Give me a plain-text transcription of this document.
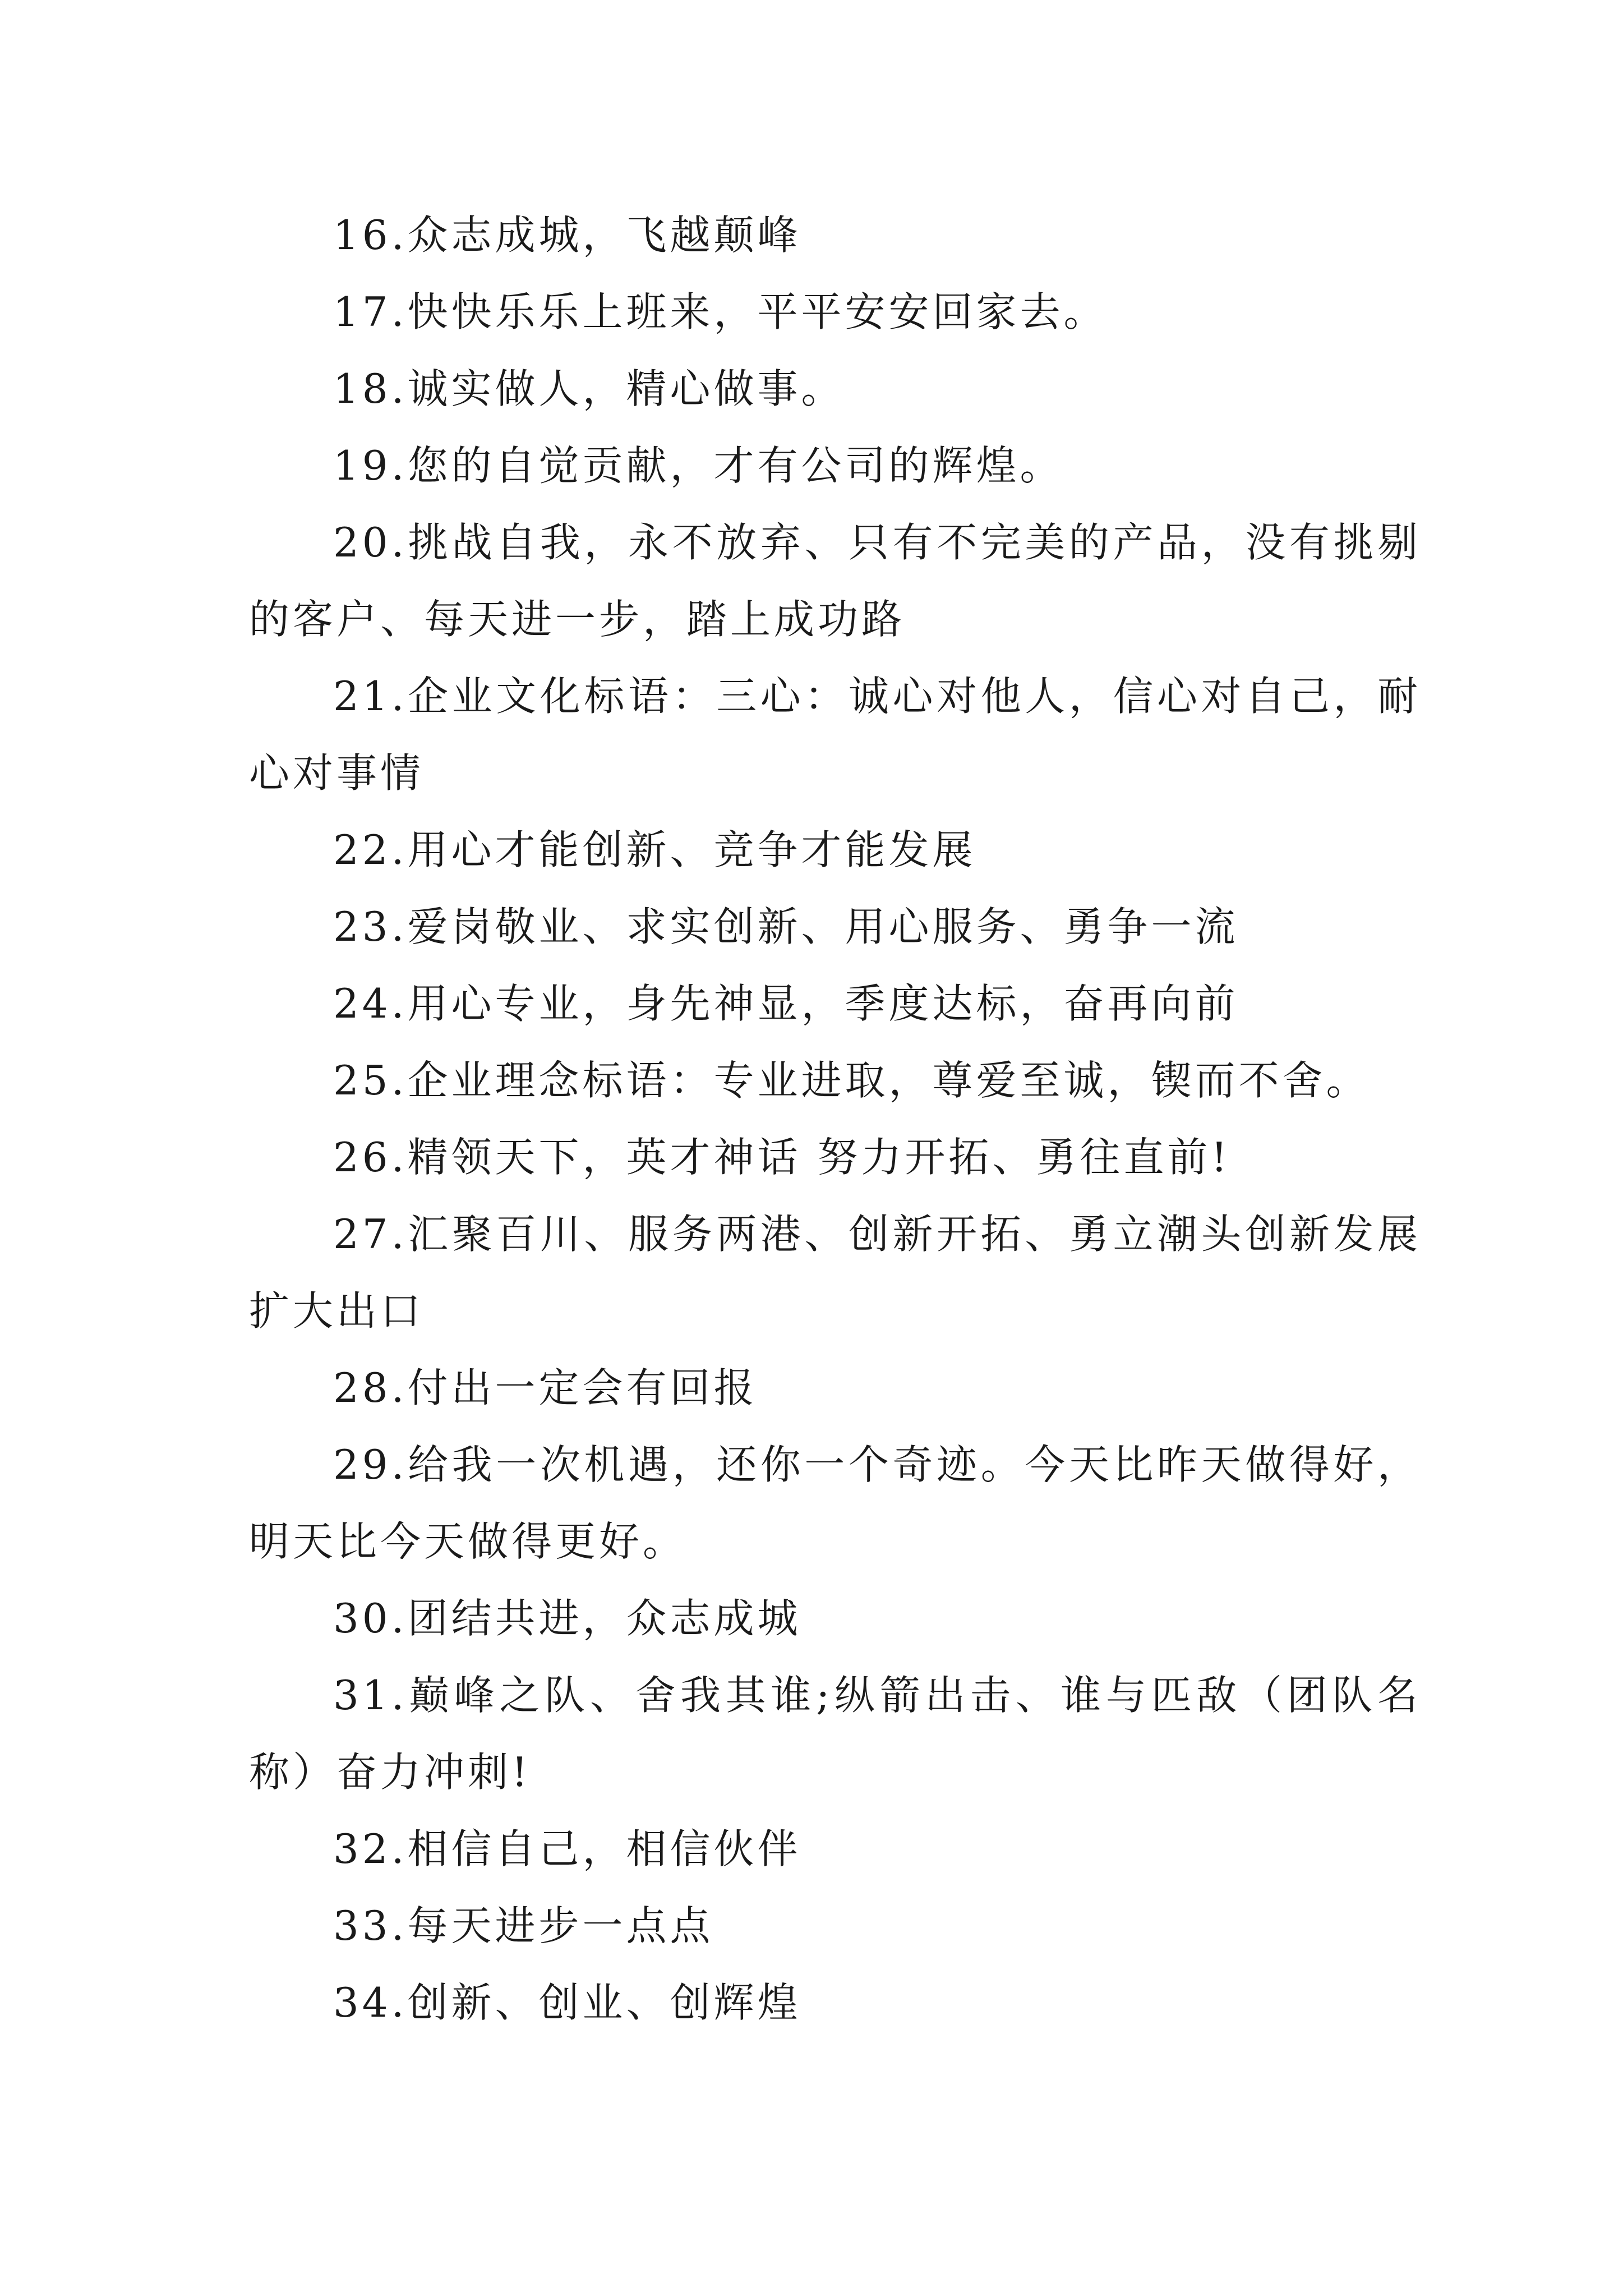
16.众志成城，飞越颠峰

17.快快乐乐上班来，平平安安回家去。

18.诚实做人，精心做事。

19.您的自觉贡献，才有公司的辉煌。

20.挑战自我，永不放弃、只有不完美的产品，没有挑剔的客户、每天进一步，踏上成功路

21.企业文化标语：三心：诚心对他人，信心对自己，耐心对事情

22.用心才能创新、竞争才能发展

23.爱岗敬业、求实创新、用心服务、勇争一流

24.用心专业，身先神显，季度达标，奋再向前

25.企业理念标语：专业进取，尊爱至诚，锲而不舍。

26.精领天下，英才神话 努力开拓、勇往直前!

27.汇聚百川、服务两港、创新开拓、勇立潮头创新发展扩大出口

28.付出一定会有回报

29.给我一次机遇，还你一个奇迹。今天比昨天做得好，明天比今天做得更好。

30.团结共进，众志成城

31.巅峰之队、舍我其谁;纵箭出击、谁与匹敌（团队名称）奋力冲刺!

32.相信自己，相信伙伴

33.每天进步一点点

34.创新、创业、创辉煌
